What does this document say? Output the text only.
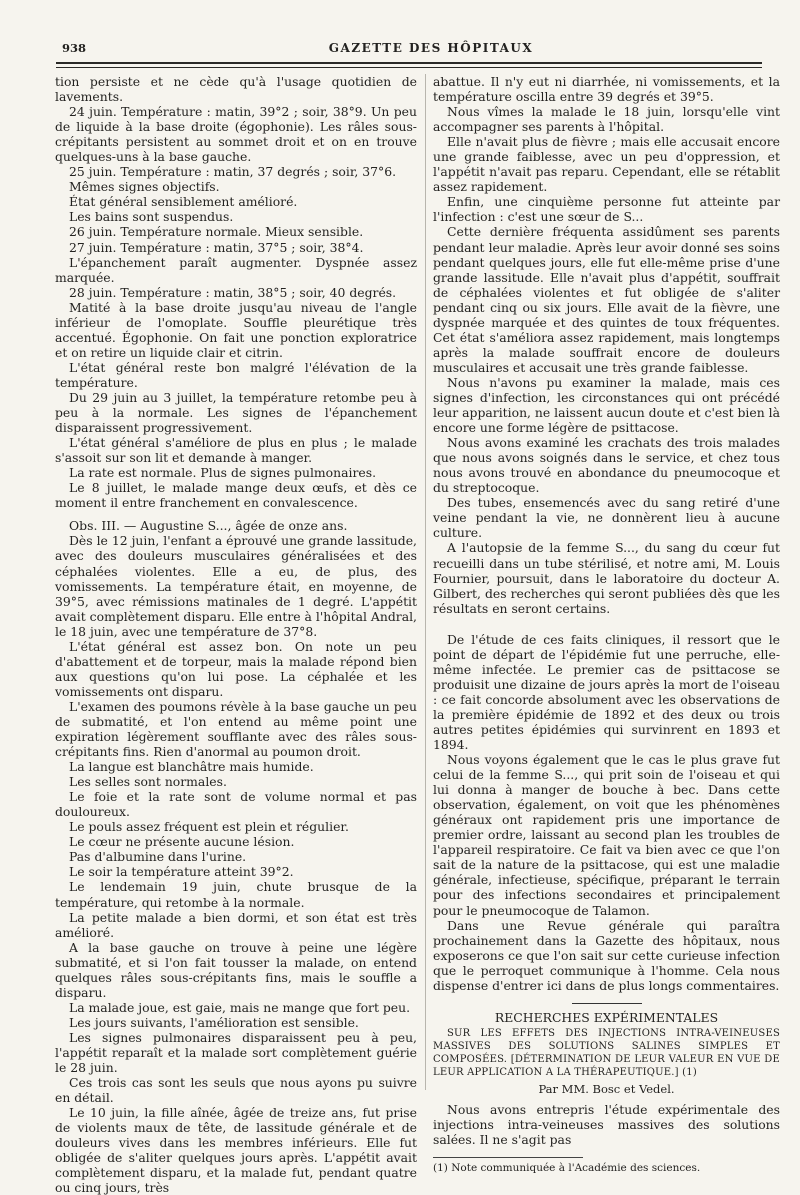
938	GAZETTE DES HÔPITAUX

tion persiste et ne cède qu'à l'usage quotidien de lavements.

24 juin. Température : matin, 39°2 ; soir, 38°9. Un peu de liquide à la base droite (égophonie). Les râles sous-crépitants persistent au sommet droit et on en trouve quelques-uns à la base gauche.

25 juin. Température : matin, 37 degrés ; soir, 37°6.

Mêmes signes objectifs.

État général sensiblement amélioré.

Les bains sont suspendus.

26 juin. Température normale. Mieux sensible.

27 juin. Température : matin, 37°5 ; soir, 38°4.

L'épanchement paraît augmenter. Dyspnée assez marquée.

28 juin. Température : matin, 38°5 ; soir, 40 degrés.

Matité à la base droite jusqu'au niveau de l'angle inférieur de l'omoplate. Souffle pleurétique très accentué. Égophonie. On fait une ponction exploratrice et on retire un liquide clair et citrin.

L'état général reste bon malgré l'élévation de la température.

Du 29 juin au 3 juillet, la température retombe peu à peu à la normale. Les signes de l'épanchement disparaissent progressivement.

L'état général s'améliore de plus en plus ; le malade s'assoit sur son lit et demande à manger.

La rate est normale. Plus de signes pulmonaires.

Le 8 juillet, le malade mange deux œufs, et dès ce moment il entre franchement en convalescence.

Obs. III. — Augustine S..., âgée de onze ans.

Dès le 12 juin, l'enfant a éprouvé une grande lassitude, avec des douleurs musculaires généralisées et des céphalées violentes. Elle a eu, de plus, des vomissements. La température était, en moyenne, de 39°5, avec rémissions matinales de 1 degré. L'appétit avait complètement disparu. Elle entre à l'hôpital Andral, le 18 juin, avec une température de 37°8.

L'état général est assez bon. On note un peu d'abattement et de torpeur, mais la malade répond bien aux questions qu'on lui pose. La céphalée et les vomissements ont disparu.

L'examen des poumons révèle à la base gauche un peu de submatité, et l'on entend au même point une expiration légèrement soufflante avec des râles sous-crépitants fins. Rien d'anormal au poumon droit.

La langue est blanchâtre mais humide.

Les selles sont normales.

Le foie et la rate sont de volume normal et pas douloureux.

Le pouls assez fréquent est plein et régulier.

Le cœur ne présente aucune lésion.

Pas d'albumine dans l'urine.

Le soir la température atteint 39°2.

Le lendemain 19 juin, chute brusque de la température, qui retombe à la normale.

La petite malade a bien dormi, et son état est très amélioré.

A la base gauche on trouve à peine une légère submatité, et si l'on fait tousser la malade, on entend quelques râles sous-crépitants fins, mais le souffle a disparu.

La malade joue, est gaie, mais ne mange que fort peu.

Les jours suivants, l'amélioration est sensible.

Les signes pulmonaires disparaissent peu à peu, l'appétit reparaît et la malade sort complètement guérie le 28 juin.

Ces trois cas sont les seuls que nous ayons pu suivre en détail.

Le 10 juin, la fille aînée, âgée de treize ans, fut prise de violents maux de tête, de lassitude générale et de douleurs vives dans les membres inférieurs. Elle fut obligée de s'aliter quelques jours après. L'appétit avait complètement disparu, et la malade fut, pendant quatre ou cinq jours, très

abattue. Il n'y eut ni diarrhée, ni vomissements, et la température oscilla entre 39 degrés et 39°5.

Nous vîmes la malade le 18 juin, lorsqu'elle vint accompagner ses parents à l'hôpital.

Elle n'avait plus de fièvre ; mais elle accusait encore une grande faiblesse, avec un peu d'oppression, et l'appétit n'avait pas reparu. Cependant, elle se rétablit assez rapidement.

Enfin, une cinquième personne fut atteinte par l'infection : c'est une sœur de S...

Cette dernière fréquenta assidûment ses parents pendant leur maladie. Après leur avoir donné ses soins pendant quelques jours, elle fut elle-même prise d'une grande lassitude. Elle n'avait plus d'appétit, souffrait de céphalées violentes et fut obligée de s'aliter pendant cinq ou six jours. Elle avait de la fièvre, une dyspnée marquée et des quintes de toux fréquentes. Cet état s'améliora assez rapidement, mais longtemps après la malade souffrait encore de douleurs musculaires et accusait une très grande faiblesse.

Nous n'avons pu examiner la malade, mais ces signes d'infection, les circonstances qui ont précédé leur apparition, ne laissent aucun doute et c'est bien là encore une forme légère de psittacose.

Nous avons examiné les crachats des trois malades que nous avons soignés dans le service, et chez tous nous avons trouvé en abondance du pneumocoque et du streptocoque.

Des tubes, ensemencés avec du sang retiré d'une veine pendant la vie, ne donnèrent lieu à aucune culture.

A l'autopsie de la femme S..., du sang du cœur fut recueilli dans un tube stérilisé, et notre ami, M. Louis Fournier, poursuit, dans le laboratoire du docteur A. Gilbert, des recherches qui seront publiées dès que les résultats en seront certains.

De l'étude de ces faits cliniques, il ressort que le point de départ de l'épidémie fut une perruche, elle-même infectée. Le premier cas de psittacose se produisit une dizaine de jours après la mort de l'oiseau : ce fait concorde absolument avec les observations de la première épidémie de 1892 et des deux ou trois autres petites épidémies qui survinrent en 1893 et 1894.

Nous voyons également que le cas le plus grave fut celui de la femme S..., qui prit soin de l'oiseau et qui lui donna à manger de bouche à bec. Dans cette observation, également, on voit que les phénomènes généraux ont rapidement pris une importance de premier ordre, laissant au second plan les troubles de l'appareil respiratoire. Ce fait va bien avec ce que l'on sait de la nature de la psittacose, qui est une maladie générale, infectieuse, spécifique, préparant le terrain pour des infections secondaires et principalement pour le pneumocoque de Talamon.

Dans une Revue générale qui paraîtra prochainement dans la Gazette des hôpitaux, nous exposerons ce que l'on sait sur cette curieuse infection que le perroquet communique à l'homme. Cela nous dispense d'entrer ici dans de plus longs commentaires.

RECHERCHES EXPÉRIMENTALES
SUR LES EFFETS DES INJECTIONS INTRA-VEINEUSES MASSIVES DES SOLUTIONS SALINES SIMPLES ET COMPOSÉES. [DÉTERMINATION DE LEUR VALEUR EN VUE DE LEUR APPLICATION A LA THÉRAPEUTIQUE.] (1)
Par MM. Bosc et Vedel.

Nous avons entrepris l'étude expérimentale des injections intra-veineuses massives des solutions salées. Il ne s'agit pas

(1) Note communiquée à l'Académie des sciences.
